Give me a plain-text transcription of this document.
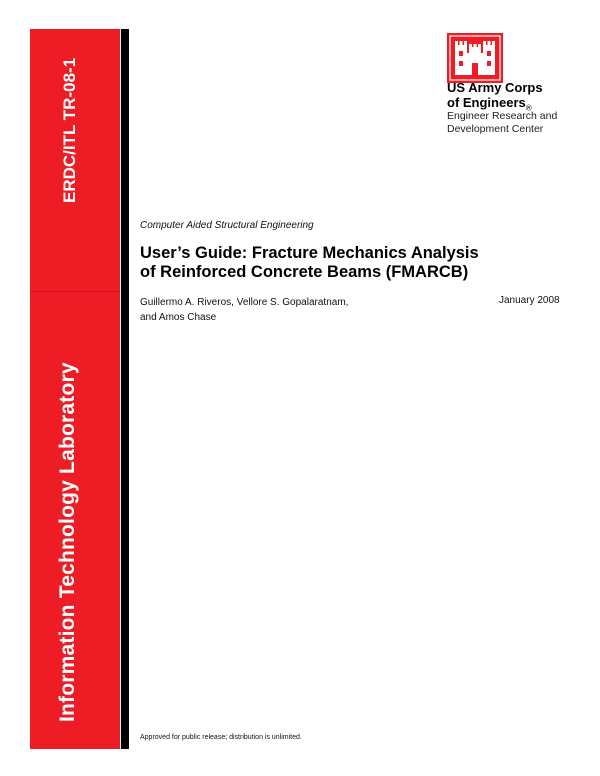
ERDC/ITL TR-08-1
Information Technology Laboratory
US Army Corps
of Engineers$_®$
Engineer Research and
Development Center
Computer Aided Structural Engineering
User’s Guide: Fracture Mechanics Analysis
of Reinforced Concrete Beams (FMARCB)
Guillermo A. Riveros, Vellore S. Gopalaratnam,
and Amos Chase
January 2008
Approved for public release; distribution is unlimited.
